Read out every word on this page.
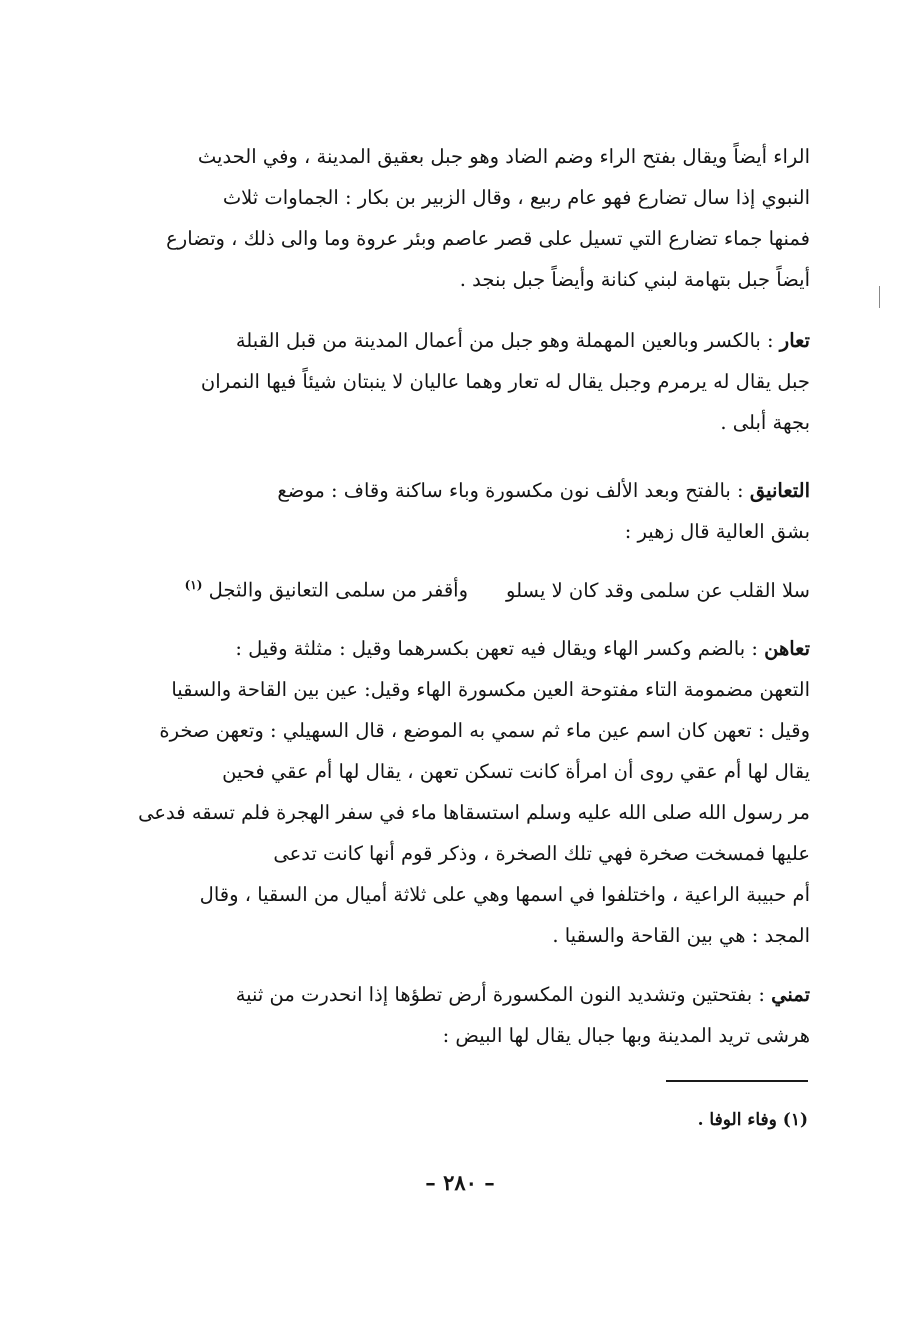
الراء أيضاً ويقال بفتح الراء وضم الضاد وهو جبل بعقيق المدينة ، وفي الحديث
النبوي إذا سال تضارع فهو عام ربيع ، وقال الزبير بن بكار : الجماوات ثلاث
فمنها جماء تضارع التي تسيل على قصر عاصم وبئر عروة وما والى ذلك ، وتضارع
أيضاً جبل بتهامة لبني كنانة وأيضاً جبل بنجد .
تعار : بالكسر وبالعين المهملة وهو جبل من أعمال المدينة من قبل القبلة
جبل يقال له يرمرم وجبل يقال له تعار وهما عاليان لا ينبتان شيئاً فيها النمران
بجهة أبلى .
التعانيق : بالفتح وبعد الألف نون مكسورة وباء ساكنة وقاف : موضع
بشق العالية قال زهير :
سلا القلب عن سلمى وقد كان لا يسلووأقفر من سلمى التعانيق والثجل $^{(١)}$
تعاهن : بالضم وكسر الهاء ويقال فيه تعهن بكسرهما وقيل : مثلثة وقيل :
التعهن مضمومة التاء مفتوحة العين مكسورة الهاء وقيل: عين بين القاحة والسقيا
وقيل : تعهن كان اسم عين ماء ثم سمي به الموضع ، قال السهيلي : وتعهن صخرة
يقال لها أم عقي روى أن امرأة كانت تسكن تعهن ، يقال لها أم عقي فحين
مر رسول الله صلى الله عليه وسلم استسقاها ماء في سفر الهجرة فلم تسقه فدعى
عليها فمسخت صخرة فهي تلك الصخرة ، وذكر قوم أنها كانت تدعى
أم حبيبة الراعية ، واختلفوا في اسمها وهي على ثلاثة أميال من السقيا ، وقال
المجد : هي بين القاحة والسقيا .
تمني : بفتحتين وتشديد النون المكسورة أرض تطؤها إذا انحدرت من ثنية
هرشى تريد المدينة وبها جبال يقال لها البيض :
(١) وفاء الوفا .
– ٢٨٠ –
